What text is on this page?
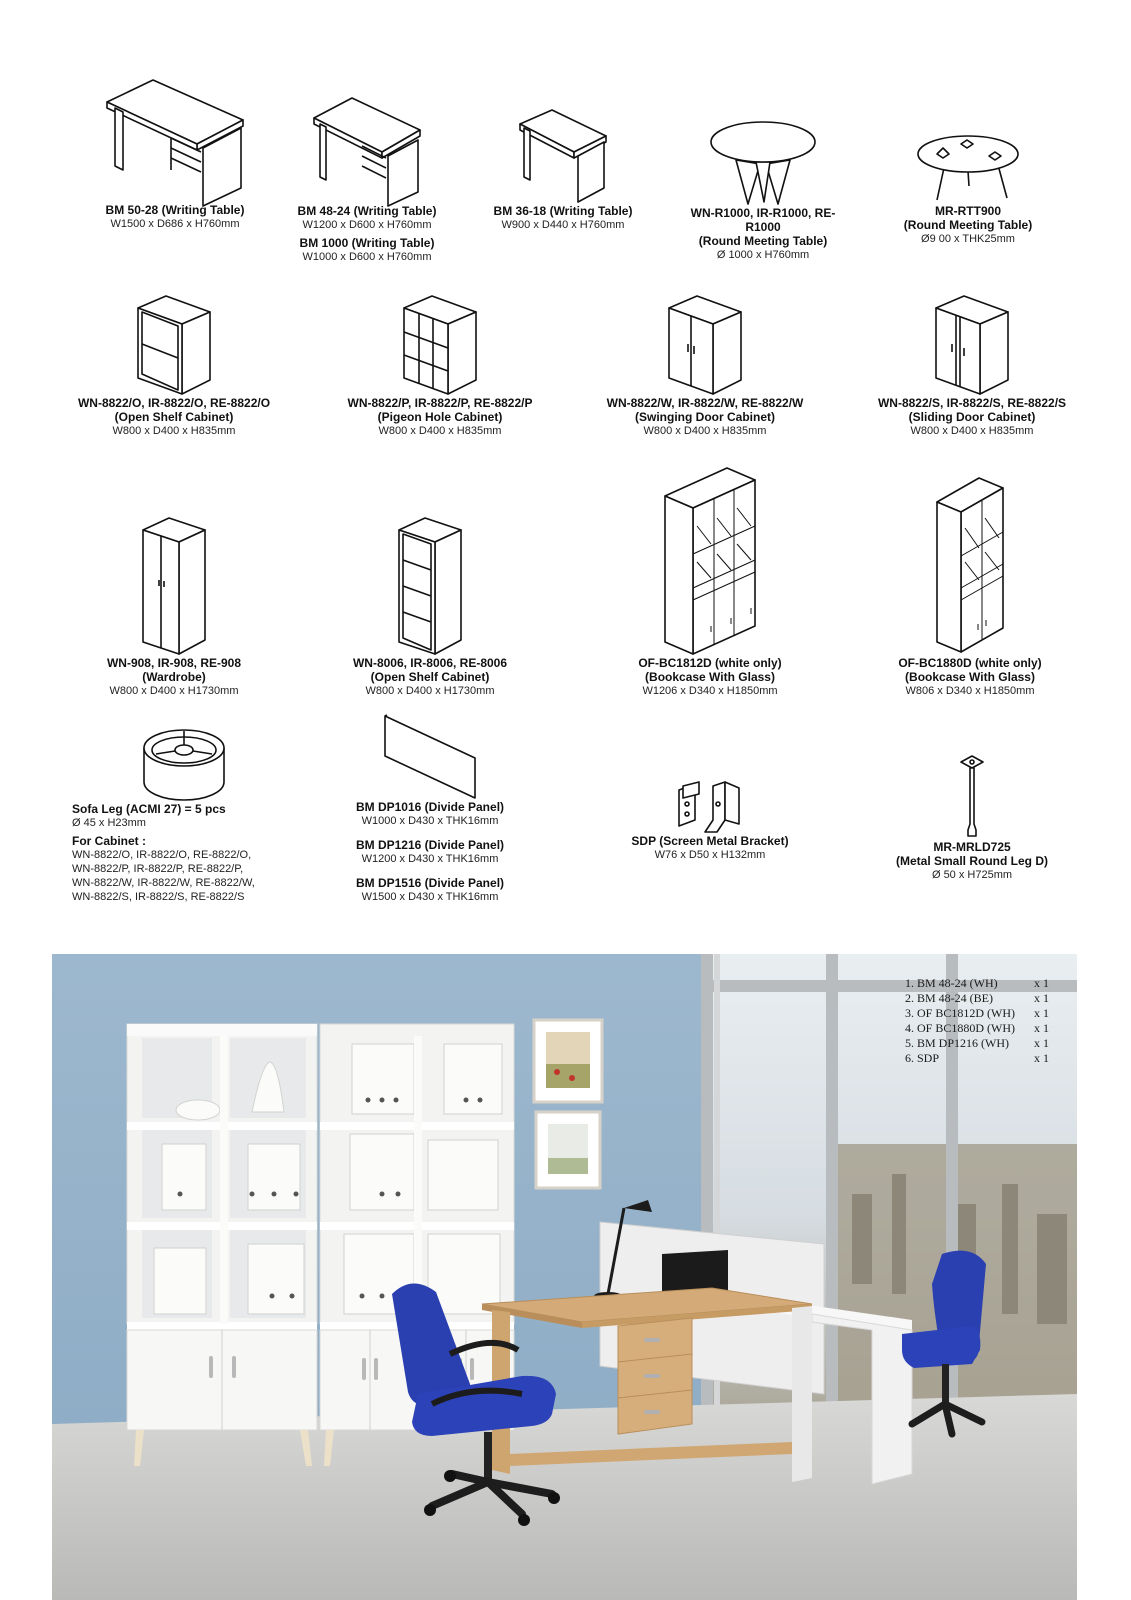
BM 50-28 (Writing Table)
W1500 x D686 x H760mm
BM 48-24 (Writing Table)
W1200 x D600 x H760mm
BM 1000 (Writing Table)
W1000 x D600 x H760mm
BM 36-18 (Writing Table)
W900 x D440 x H760mm
WN-R1000, IR-R1000, RE-R1000
(Round Meeting Table)
Ø 1000 x H760mm
MR-RTT900
(Round Meeting Table)
Ø9 00 x THK25mm
WN-8822/O, IR-8822/O, RE-8822/O
(Open Shelf Cabinet)
W800 x D400 x H835mm
WN-8822/P, IR-8822/P, RE-8822/P
(Pigeon Hole Cabinet)
W800 x D400 x H835mm
WN-8822/W, IR-8822/W, RE-8822/W
(Swinging Door Cabinet)
W800 x D400 x H835mm
WN-8822/S, IR-8822/S, RE-8822/S
(Sliding Door Cabinet)
W800 x D400 x H835mm
WN-908, IR-908, RE-908
(Wardrobe)
W800 x D400 x H1730mm
WN-8006, IR-8006, RE-8006
(Open Shelf Cabinet)
W800 x D400 x H1730mm
OF-BC1812D (white only)
(Bookcase With Glass)
W1206 x D340 x H1850mm
OF-BC1880D (white only)
(Bookcase With Glass)
W806 x D340 x H1850mm
Sofa Leg (ACMI 27) = 5 pcs
Ø 45 x H23mm
For Cabinet :
WN-8822/O, IR-8822/O, RE-8822/O,
WN-8822/P, IR-8822/P, RE-8822/P,
WN-8822/W, IR-8822/W, RE-8822/W,
WN-8822/S, IR-8822/S, RE-8822/S
BM DP1016 (Divide Panel)
W1000 x D430 x THK16mm
BM DP1216 (Divide Panel)
W1200 x D430 x THK16mm
BM DP1516 (Divide Panel)
W1500 x D430 x THK16mm
SDP (Screen Metal Bracket)
W76 x D50 x H132mm
MR-MRLD725
(Metal Small Round Leg D)
Ø 50 x H725mm
1. BM 48-24 (WH)	x 1
2. BM 48-24 (BE)	x 1
3. OF BC1812D (WH) x 1
4. OF BC1880D (WH) x 1
5. BM DP1216 (WH) x 1
6. SDP	x 1
